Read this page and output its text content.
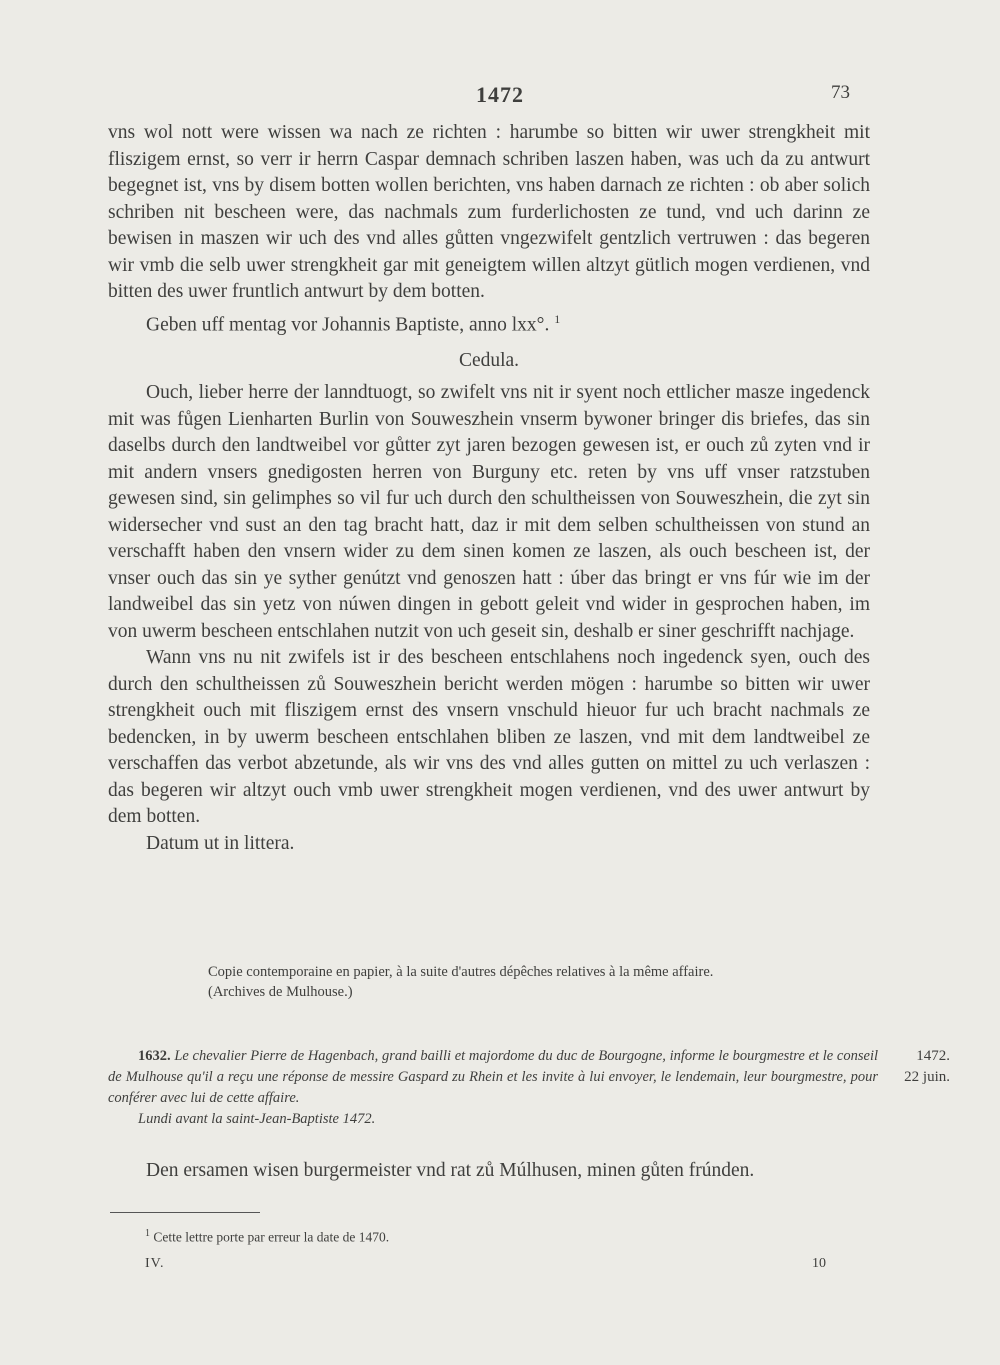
1472	73

vns wol nott were wissen wa nach ze richten : harumbe so bitten wir uwer strengkheit mit fliszigem ernst, so verr ir herrn Caspar demnach schriben laszen haben, was uch da zu antwurt begegnet ist, vns by disem botten wollen berichten, vns haben darnach ze richten : ob aber solich schriben nit bescheen were, das nachmals zum furderlichosten ze tund, vnd uch darinn ze bewisen in maszen wir uch des vnd alles gůtten vngezwifelt gentzlich vertruwen : das begeren wir vmb die selb uwer strengkheit gar mit geneigtem willen altzyt gütlich mogen verdienen, vnd bitten des uwer fruntlich antwurt by dem botten.

Geben uff mentag vor Johannis Baptiste, anno lxx°. $^1$

Cedula.

Ouch, lieber herre der lanndtuogt, so zwifelt vns nit ir syent noch ettlicher masze ingedenck mit was fůgen Lienharten Burlin von Souweszhein vnserm bywoner bringer dis briefes, das sin daselbs durch den landtweibel vor gůtter zyt jaren bezogen gewesen ist, er ouch zů zyten vnd ir mit andern vnsers gnedigosten herren von Burguny etc. reten by vns uff vnser ratzstuben gewesen sind, sin gelimphes so vil fur uch durch den schultheissen von Souweszhein, die zyt sin widersecher vnd sust an den tag bracht hatt, daz ir mit dem selben schultheissen von stund an verschafft haben den vnsern wider zu dem sinen komen ze laszen, als ouch bescheen ist, der vnser ouch das sin ye syther genútzt vnd genoszen hatt : úber das bringt er vns fúr wie im der landweibel das sin yetz von núwen dingen in gebott geleit vnd wider in gesprochen haben, im von uwerm bescheen entschlahen nutzit von uch geseit sin, deshalb er siner geschrifft nachjage.

Wann vns nu nit zwifels ist ir des bescheen entschlahens noch ingedenck syen, ouch des durch den schultheissen zů Souweszhein bericht werden mögen : harumbe so bitten wir uwer strengkheit ouch mit fliszigem ernst des vnsern vnschuld hieuor fur uch bracht nachmals ze bedencken, in by uwerm bescheen entschlahen bliben ze laszen, vnd mit dem landtweibel ze verschaffen das verbot abzetunde, als wir vns des vnd alles gutten on mittel zu uch verlaszen : das begeren wir altzyt ouch vmb uwer strengkheit mogen verdienen, vnd des uwer antwurt by dem botten.

Datum ut in littera.

Copie contemporaine en papier, à la suite d'autres dépêches relatives à la même affaire.
(Archives de Mulhouse.)
1632. Le chevalier Pierre de Hagenbach, grand bailli et majordome du duc de Bourgogne, informe le bourgmestre et le conseil de Mulhouse qu'il a reçu une réponse de messire Gaspard zu Rhein et les invite à lui envoyer, le lendemain, leur bourgmestre, pour conférer avec lui de cette affaire.
Lundi avant la saint-Jean-Baptiste 1472.
1472.
22 juin.
Den ersamen wisen burgermeister vnd rat zů Múlhusen, minen gůten frúnden.
$^1$ Cette lettre porte par erreur la date de 1470.
IV.	10
